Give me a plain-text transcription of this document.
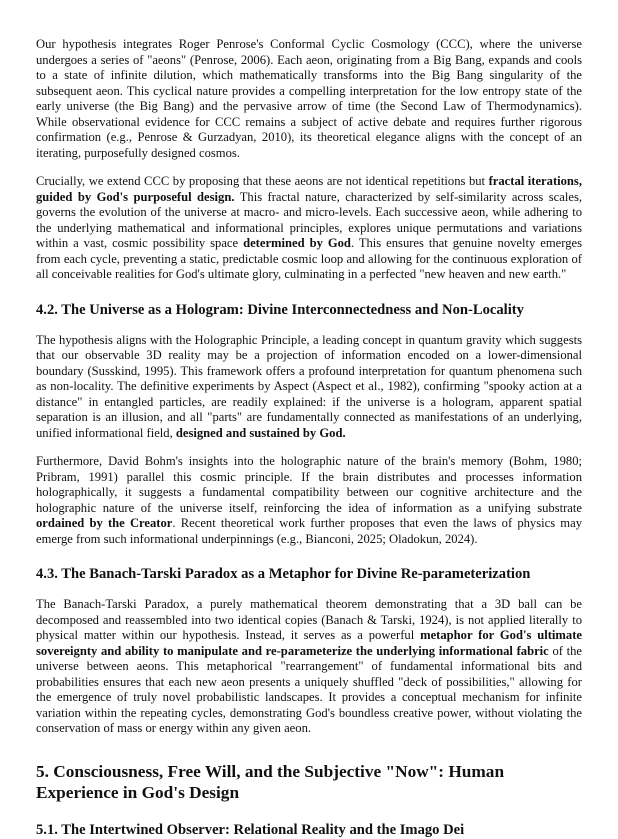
Our hypothesis integrates Roger Penrose's Conformal Cyclic Cosmology (CCC), where the universe undergoes a series of "aeons" (Penrose, 2006). Each aeon, originating from a Big Bang, expands and cools to a state of infinite dilution, which mathematically transforms into the Big Bang singularity of the subsequent aeon. This cyclical nature provides a compelling interpretation for the low entropy state of the early universe (the Big Bang) and the pervasive arrow of time (the Second Law of Thermodynamics). While observational evidence for CCC remains a subject of active debate and requires further rigorous confirmation (e.g., Penrose & Gurzadyan, 2010), its theoretical elegance aligns with the concept of an iterating, purposefully designed cosmos.

Crucially, we extend CCC by proposing that these aeons are not identical repetitions but fractal iterations, guided by God's purposeful design. This fractal nature, characterized by self-similarity across scales, governs the evolution of the universe at macro- and micro-levels. Each successive aeon, while adhering to the underlying mathematical and informational principles, explores unique permutations and variations within a vast, cosmic possibility space determined by God. This ensures that genuine novelty emerges from each cycle, preventing a static, predictable cosmic loop and allowing for the continuous exploration of all conceivable realities for God's ultimate glory, culminating in a perfected "new heaven and new earth."

4.2. The Universe as a Hologram: Divine Interconnectedness and Non-Locality

The hypothesis aligns with the Holographic Principle, a leading concept in quantum gravity which suggests that our observable 3D reality may be a projection of information encoded on a lower-dimensional boundary (Susskind, 1995). This framework offers a profound interpretation for quantum phenomena such as non-locality. The definitive experiments by Aspect (Aspect et al., 1982), confirming "spooky action at a distance" in entangled particles, are readily explained: if the universe is a hologram, apparent spatial separation is an illusion, and all "parts" are fundamentally connected as manifestations of an underlying, unified informational field, designed and sustained by God.

Furthermore, David Bohm's insights into the holographic nature of the brain's memory (Bohm, 1980; Pribram, 1991) parallel this cosmic principle. If the brain distributes and processes information holographically, it suggests a fundamental compatibility between our cognitive architecture and the holographic nature of the universe itself, reinforcing the idea of information as a unifying substrate ordained by the Creator. Recent theoretical work further proposes that even the laws of physics may emerge from such informational underpinnings (e.g., Bianconi, 2025; Oladokun, 2024).

4.3. The Banach-Tarski Paradox as a Metaphor for Divine Re-parameterization

The Banach-Tarski Paradox, a purely mathematical theorem demonstrating that a 3D ball can be decomposed and reassembled into two identical copies (Banach & Tarski, 1924), is not applied literally to physical matter within our hypothesis. Instead, it serves as a powerful metaphor for God's ultimate sovereignty and ability to manipulate and re-parameterize the underlying informational fabric of the universe between aeons. This metaphorical "rearrangement" of fundamental informational bits and probabilities ensures that each new aeon presents a uniquely shuffled "deck of possibilities," allowing for the emergence of truly novel probabilistic landscapes. It provides a conceptual mechanism for infinite variation within the repeating cycles, demonstrating God's boundless creative power, without violating the conservation of mass or energy within any given aeon.

5. Consciousness, Free Will, and the Subjective "Now": Human Experience in God's Design
5.1. The Intertwined Observer: Relational Reality and the Imago Dei
